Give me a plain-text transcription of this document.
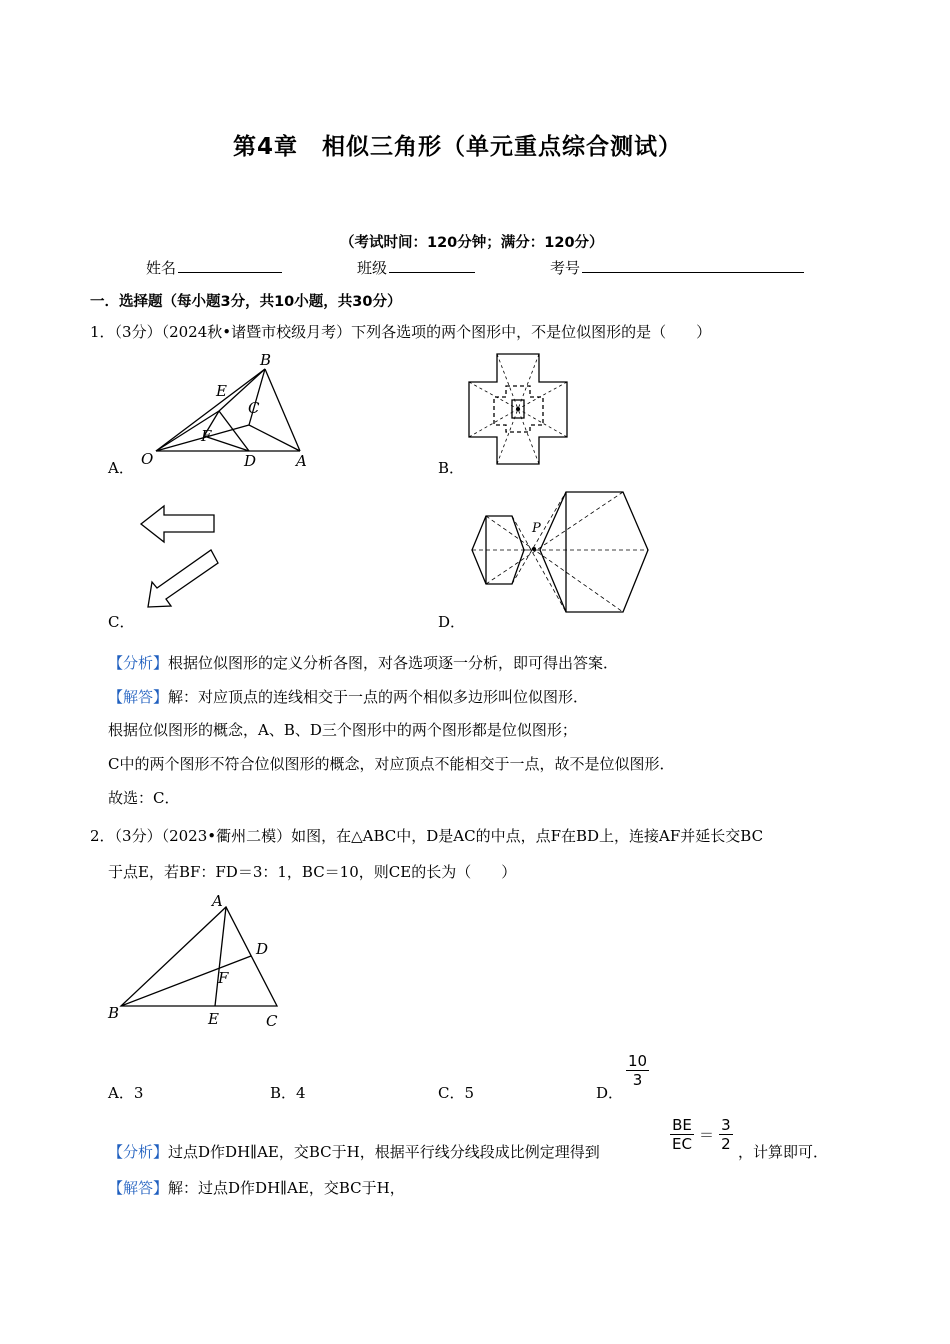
第4章　相似三角形（单元重点综合测试）
（考试时间：120分钟；满分：120分）
姓名	班级	考号
一．选择题（每小题3分，共10小题，共30分）
1．（3分）（2024秋•诸暨市校级月考）下列各选项的两个图形中，不是位似图形的是（　　）
B
E
C
F
O	D	A
A．	B．
C．
P
D．
【分析】根据位似图形的定义分析各图，对各选项逐一分析，即可得出答案．
【解答】解：对应顶点的连线相交于一点的两个相似多边形叫位似图形．
根据位似图形的概念，A、B、D三个图形中的两个图形都是位似图形；
C中的两个图形不符合位似图形的概念，对应顶点不能相交于一点，故不是位似图形．
故选：C．
2．（3分）（2023•衢州二模）如图，在△ABC中，D是AC的中点，点F在BD上，连接AF并延长交BC
于点E，若BF：FD＝3：1，BC＝10，则CE的长为（　　）
A
D
F
B	E	C
A．3	B．4	C．5	D．
$\frac{10}{3}$
【分析】过点D作DH∥AE，交BC于H，根据平行线分线段成比例定理得到	$\frac{BE}{EC} = \frac{3}{2}$ ，计算即可．
【解答】解：过点D作DH∥AE，交BC于H，
